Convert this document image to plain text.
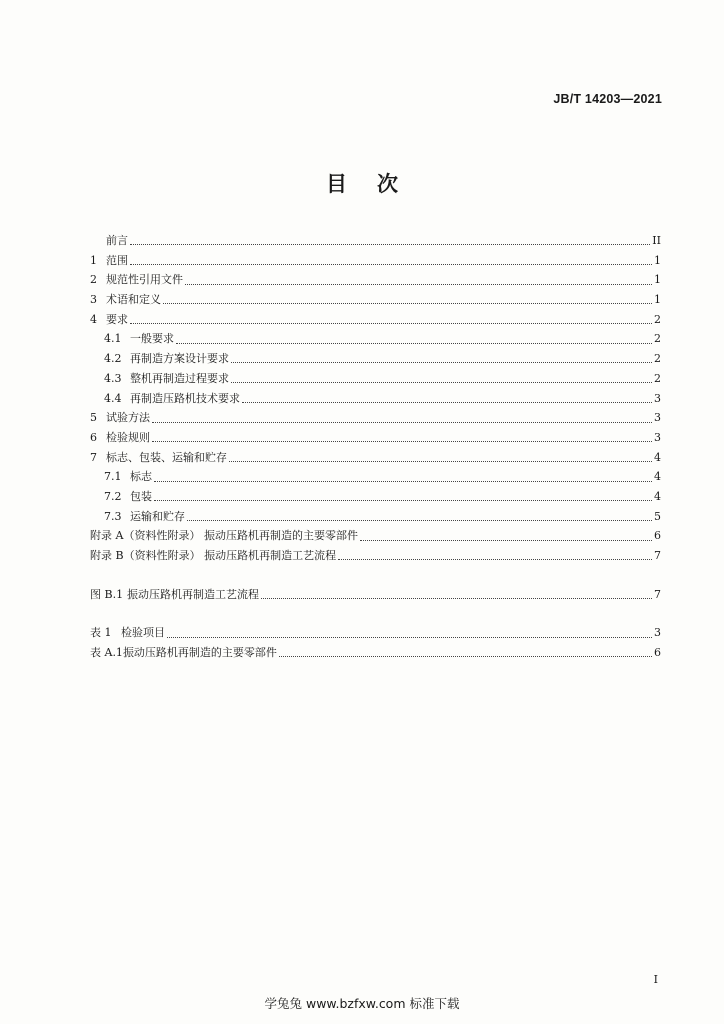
JB/T 14203—2021
目 次
前言	II
1 范围	1
2 规范性引用文件	1
3 术语和定义	1
4 要求	2
4.1 一般要求	2
4.2 再制造方案设计要求	2
4.3 整机再制造过程要求	2
4.4 再制造压路机技术要求	3
5 试验方法	3
6 检验规则	3
7 标志、包装、运输和贮存	4
7.1 标志	4
7.2 包装	4
7.3 运输和贮存	5
附录 A （资料性附录） 振动压路机再制造的主要零部件	6
附录 B （资料性附录） 振动压路机再制造工艺流程	7
图 B.1 振动压路机再制造工艺流程	7
表 1 检验项目	3
表 A.1 振动压路机再制造的主要零部件	6
I
学兔兔 www.bzfxw.com 标准下载
